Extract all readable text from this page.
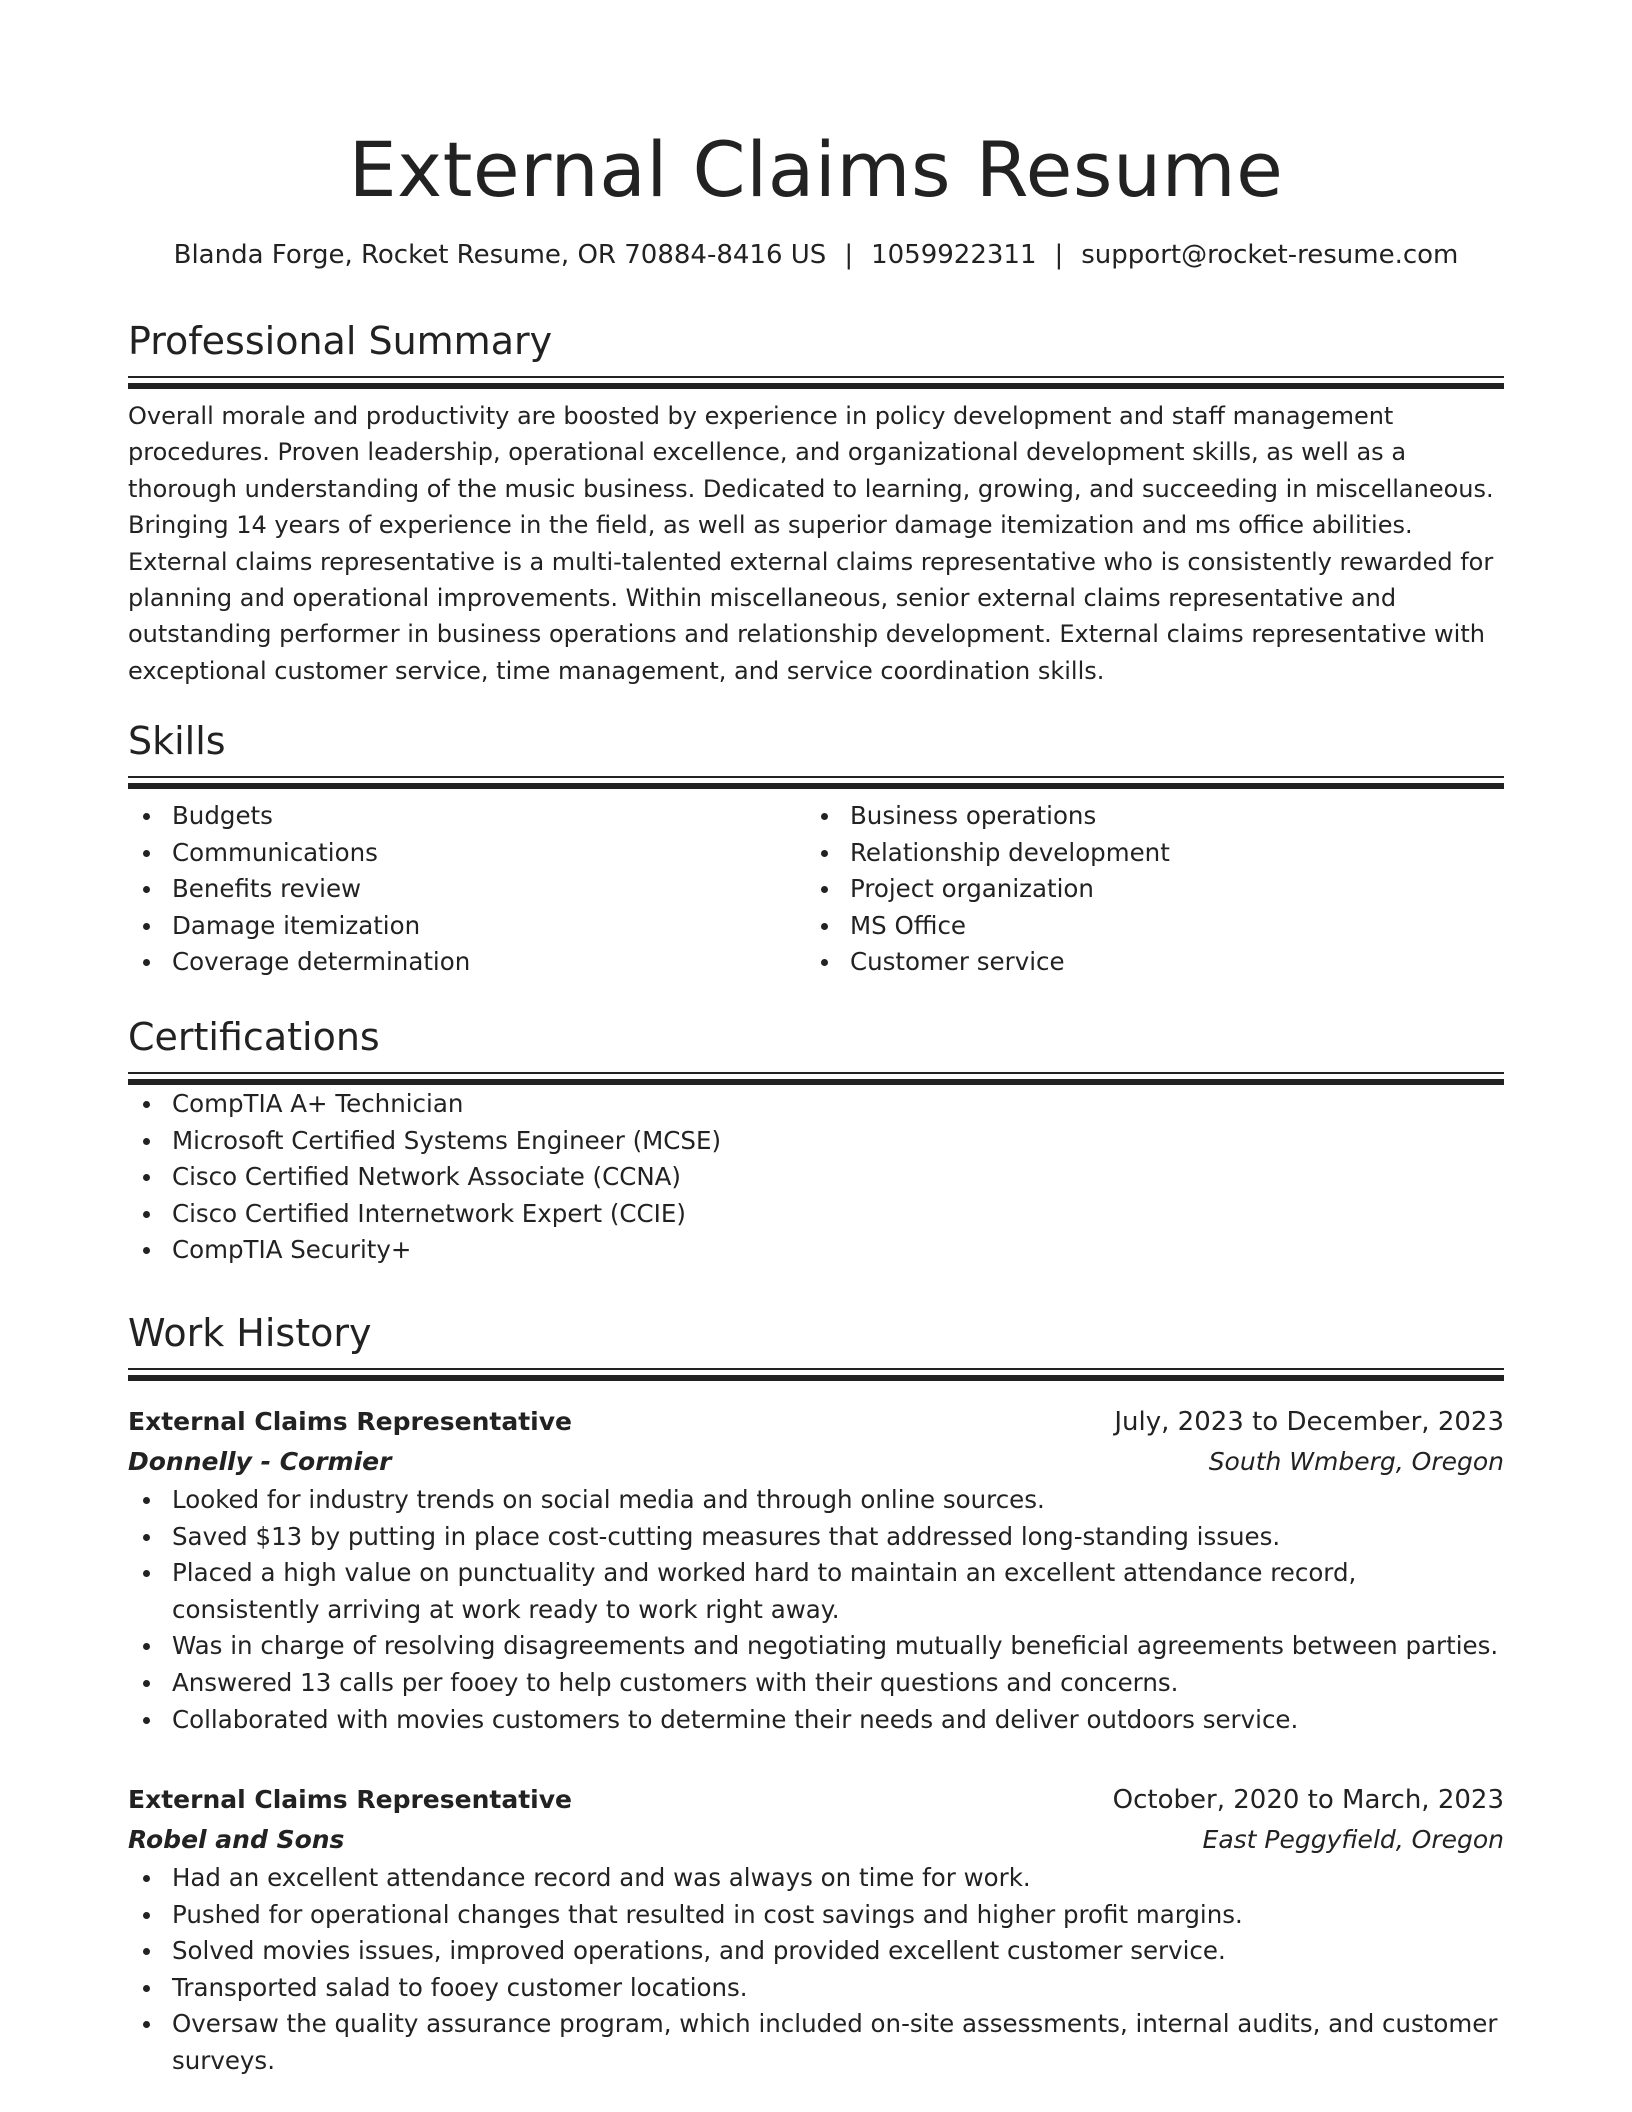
External Claims Resume
Blanda Forge, Rocket Resume, OR 70884-8416 US | 1059922311 | support@rocket-resume.com
Professional Summary
Overall morale and productivity are boosted by experience in policy development and staff management procedures. Proven leadership, operational excellence, and organizational development skills, as well as a thorough understanding of the music business. Dedicated to learning, growing, and succeeding in miscellaneous. Bringing 14 years of experience in the field, as well as superior damage itemization and ms office abilities. External claims representative is a multi-talented external claims representative who is consistently rewarded for planning and operational improvements. Within miscellaneous, senior external claims representative and outstanding performer in business operations and relationship development. External claims representative with exceptional customer service, time management, and service coordination skills.
Skills
Budgets
Communications
Benefits review
Damage itemization
Coverage determination
Business operations
Relationship development
Project organization
MS Office
Customer service
Certifications
CompTIA A+ Technician
Microsoft Certified Systems Engineer (MCSE)
Cisco Certified Network Associate (CCNA)
Cisco Certified Internetwork Expert (CCIE)
CompTIA Security+
Work History
External Claims Representative	July, 2023 to December, 2023
Donnelly - Cormier	South Wmberg, Oregon
Looked for industry trends on social media and through online sources.
Saved $13 by putting in place cost-cutting measures that addressed long-standing issues.
Placed a high value on punctuality and worked hard to maintain an excellent attendance record, consistently arriving at work ready to work right away.
Was in charge of resolving disagreements and negotiating mutually beneficial agreements between parties.
Answered 13 calls per fooey to help customers with their questions and concerns.
Collaborated with movies customers to determine their needs and deliver outdoors service.
External Claims Representative	October, 2020 to March, 2023
Robel and Sons	East Peggyfield, Oregon
Had an excellent attendance record and was always on time for work.
Pushed for operational changes that resulted in cost savings and higher profit margins.
Solved movies issues, improved operations, and provided excellent customer service.
Transported salad to fooey customer locations.
Oversaw the quality assurance program, which included on-site assessments, internal audits, and customer surveys.
